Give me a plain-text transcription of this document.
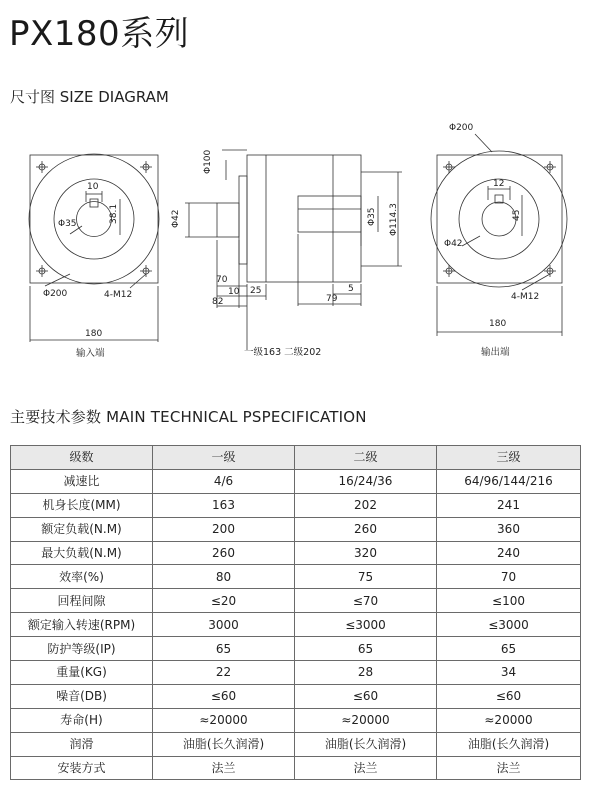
PX180系列
尺寸图 SIZE DIAGRAM
10
38.1
Φ35
Φ200	4-M12
180
输入端
Φ100
Φ42	Φ35 Φ114.3
70
10 25
82
5
79
一级163 二级202
Φ200
12
45
Φ42
4-M12
180
输出端
主要技术参数 MAIN TECHNICAL PSPECIFICATION
级数	一级	二级	三级
减速比	4/6	16/24/36	64/96/144/216
机身长度(MM)	163	202	241
额定负载(N.M)	200	260	360
最大负载(N.M)	260	320	240
效率(%)	80	75	70
回程间隙	≤20	≤70	≤100
额定输入转速(RPM)	3000	≤3000	≤3000
防护等级(IP)	65	65	65
重量(KG)	22	28	34
噪音(DB)	≤60	≤60	≤60
寿命(H)	≈20000	≈20000	≈20000
润滑	油脂(长久润滑)	油脂(长久润滑)	油脂(长久润滑)
安装方式	法兰	法兰	法兰
